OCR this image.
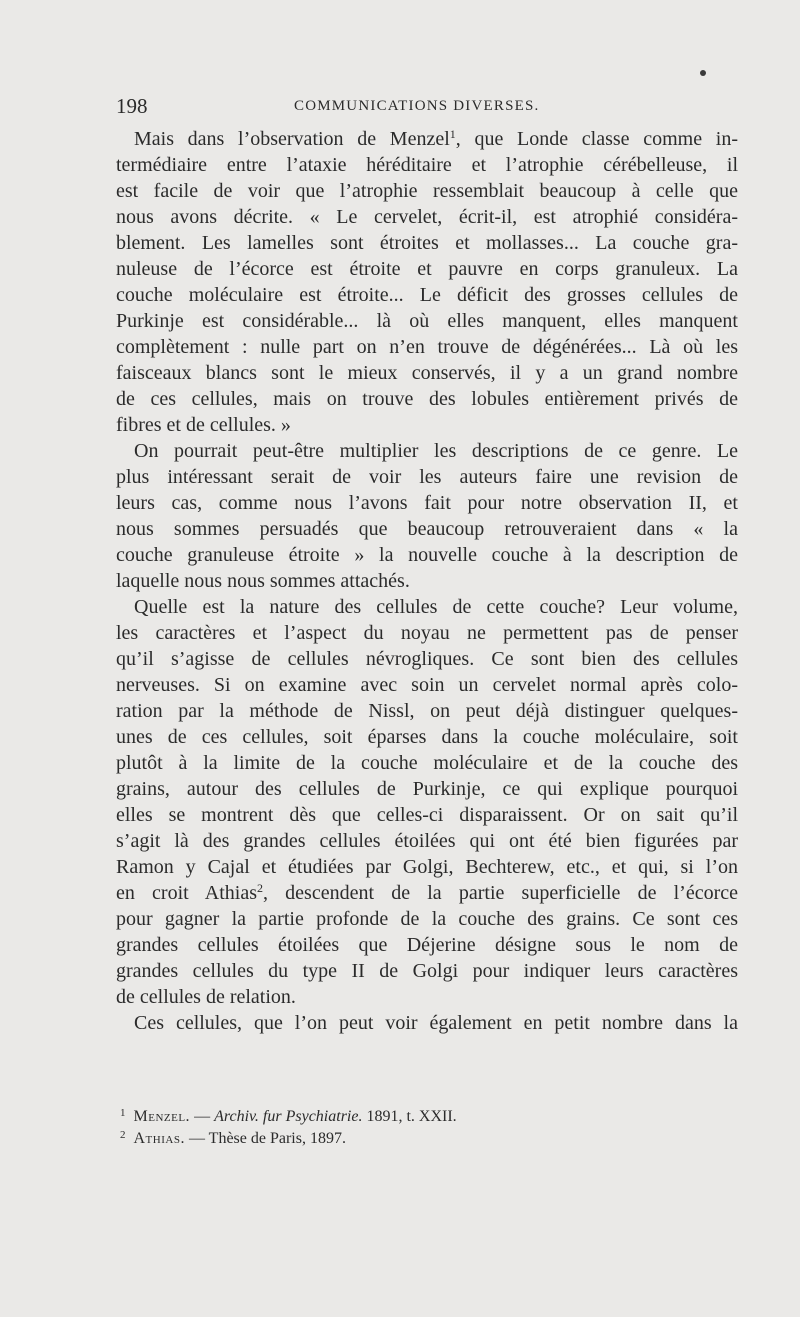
198	COMMUNICATIONS DIVERSES.
Mais dans l’observation de Menzel$^1$, que Londe classe comme in-
termédiaire entre l’ataxie héréditaire et l’atrophie cérébelleuse, il
est facile de voir que l’atrophie ressemblait beaucoup à celle que
nous avons décrite. « Le cervelet, écrit-il, est atrophié considéra-
blement. Les lamelles sont étroites et mollasses... La couche gra-
nuleuse de l’écorce est étroite et pauvre en corps granuleux. La
couche moléculaire est étroite... Le déficit des grosses cellules de
Purkinje est considérable... là où elles manquent, elles manquent
complètement : nulle part on n’en trouve de dégénérées... Là où les
faisceaux blancs sont le mieux conservés, il y a un grand nombre
de ces cellules, mais on trouve des lobules entièrement privés de
fibres et de cellules. »
On pourrait peut-être multiplier les descriptions de ce genre. Le
plus intéressant serait de voir les auteurs faire une revision de
leurs cas, comme nous l’avons fait pour notre observation II, et
nous sommes persuadés que beaucoup retrouveraient dans « la
couche granuleuse étroite » la nouvelle couche à la description de
laquelle nous nous sommes attachés.
Quelle est la nature des cellules de cette couche? Leur volume,
les caractères et l’aspect du noyau ne permettent pas de penser
qu’il s’agisse de cellules névrogliques. Ce sont bien des cellules
nerveuses. Si on examine avec soin un cervelet normal après colo-
ration par la méthode de Nissl, on peut déjà distinguer quelques-
unes de ces cellules, soit éparses dans la couche moléculaire, soit
plutôt à la limite de la couche moléculaire et de la couche des
grains, autour des cellules de Purkinje, ce qui explique pourquoi
elles se montrent dès que celles-ci disparaissent. Or on sait qu’il
s’agit là des grandes cellules étoilées qui ont été bien figurées par
Ramon y Cajal et étudiées par Golgi, Bechterew, etc., et qui, si l’on
en croit Athias$^2$, descendent de la partie superficielle de l’écorce
pour gagner la partie profonde de la couche des grains. Ce sont ces
grandes cellules étoilées que Déjerine désigne sous le nom de
grandes cellules du type II de Golgi pour indiquer leurs caractères
de cellules de relation.
Ces cellules, que l’on peut voir également en petit nombre dans la
$^1$ Menzel. — Archiv. fur Psychiatrie. 1891, t. XXII.
$^2$ Athias. — Thèse de Paris, 1897.
